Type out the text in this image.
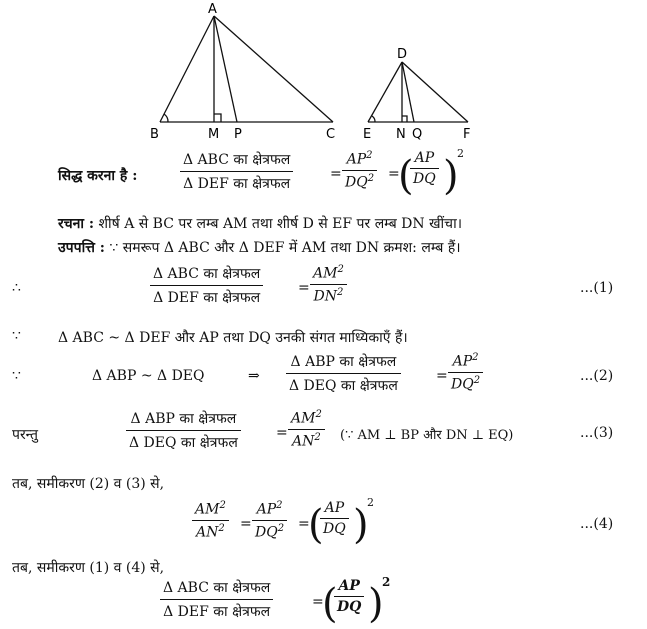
A
B	M P	C
D
E N Q	F
सिद्ध करना है :
Δ ABC का क्षेत्रफल
Δ DEF का क्षेत्रफल
=
$AP^2$
$DQ^2$ =
( AP
DQ )
2
रचना : शीर्ष A से BC पर लम्ब AM तथा शीर्ष D से EF पर लम्ब DN खींचा।
उपपत्ति : ∵ समरूप Δ ABC और Δ DEF में AM तथा DN क्रमश: लम्ब हैं।
∴
Δ ABC का क्षेत्रफल
Δ DEF का क्षेत्रफल
=
$AM^2$
$DN^2$	...(1)
∵	Δ ABC ~ Δ DEF और AP तथा DQ उनकी संगत माध्यिकाएँ हैं।
∵	Δ ABP ~ Δ DEQ	⇒
Δ ABP का क्षेत्रफल
Δ DEQ का क्षेत्रफल
=
$AP^2$
$DQ^2$	...(2)
परन्तु
Δ ABP का क्षेत्रफल
Δ DEQ का क्षेत्रफल
=
$AM^2$
$AN^2$	(∵ AM ⊥ BP और DN ⊥ EQ)	...(3)
तब, समीकरण (2) व (3) से,
$AM^2$
$AN^2$ =
$AP^2$
$DQ^2$ =
( AP
DQ )
2
...(4)
तब, समीकरण (1) व (4) से,
Δ ABC का क्षेत्रफल
Δ DEF का क्षेत्रफल
=
( AP
DQ )
2
